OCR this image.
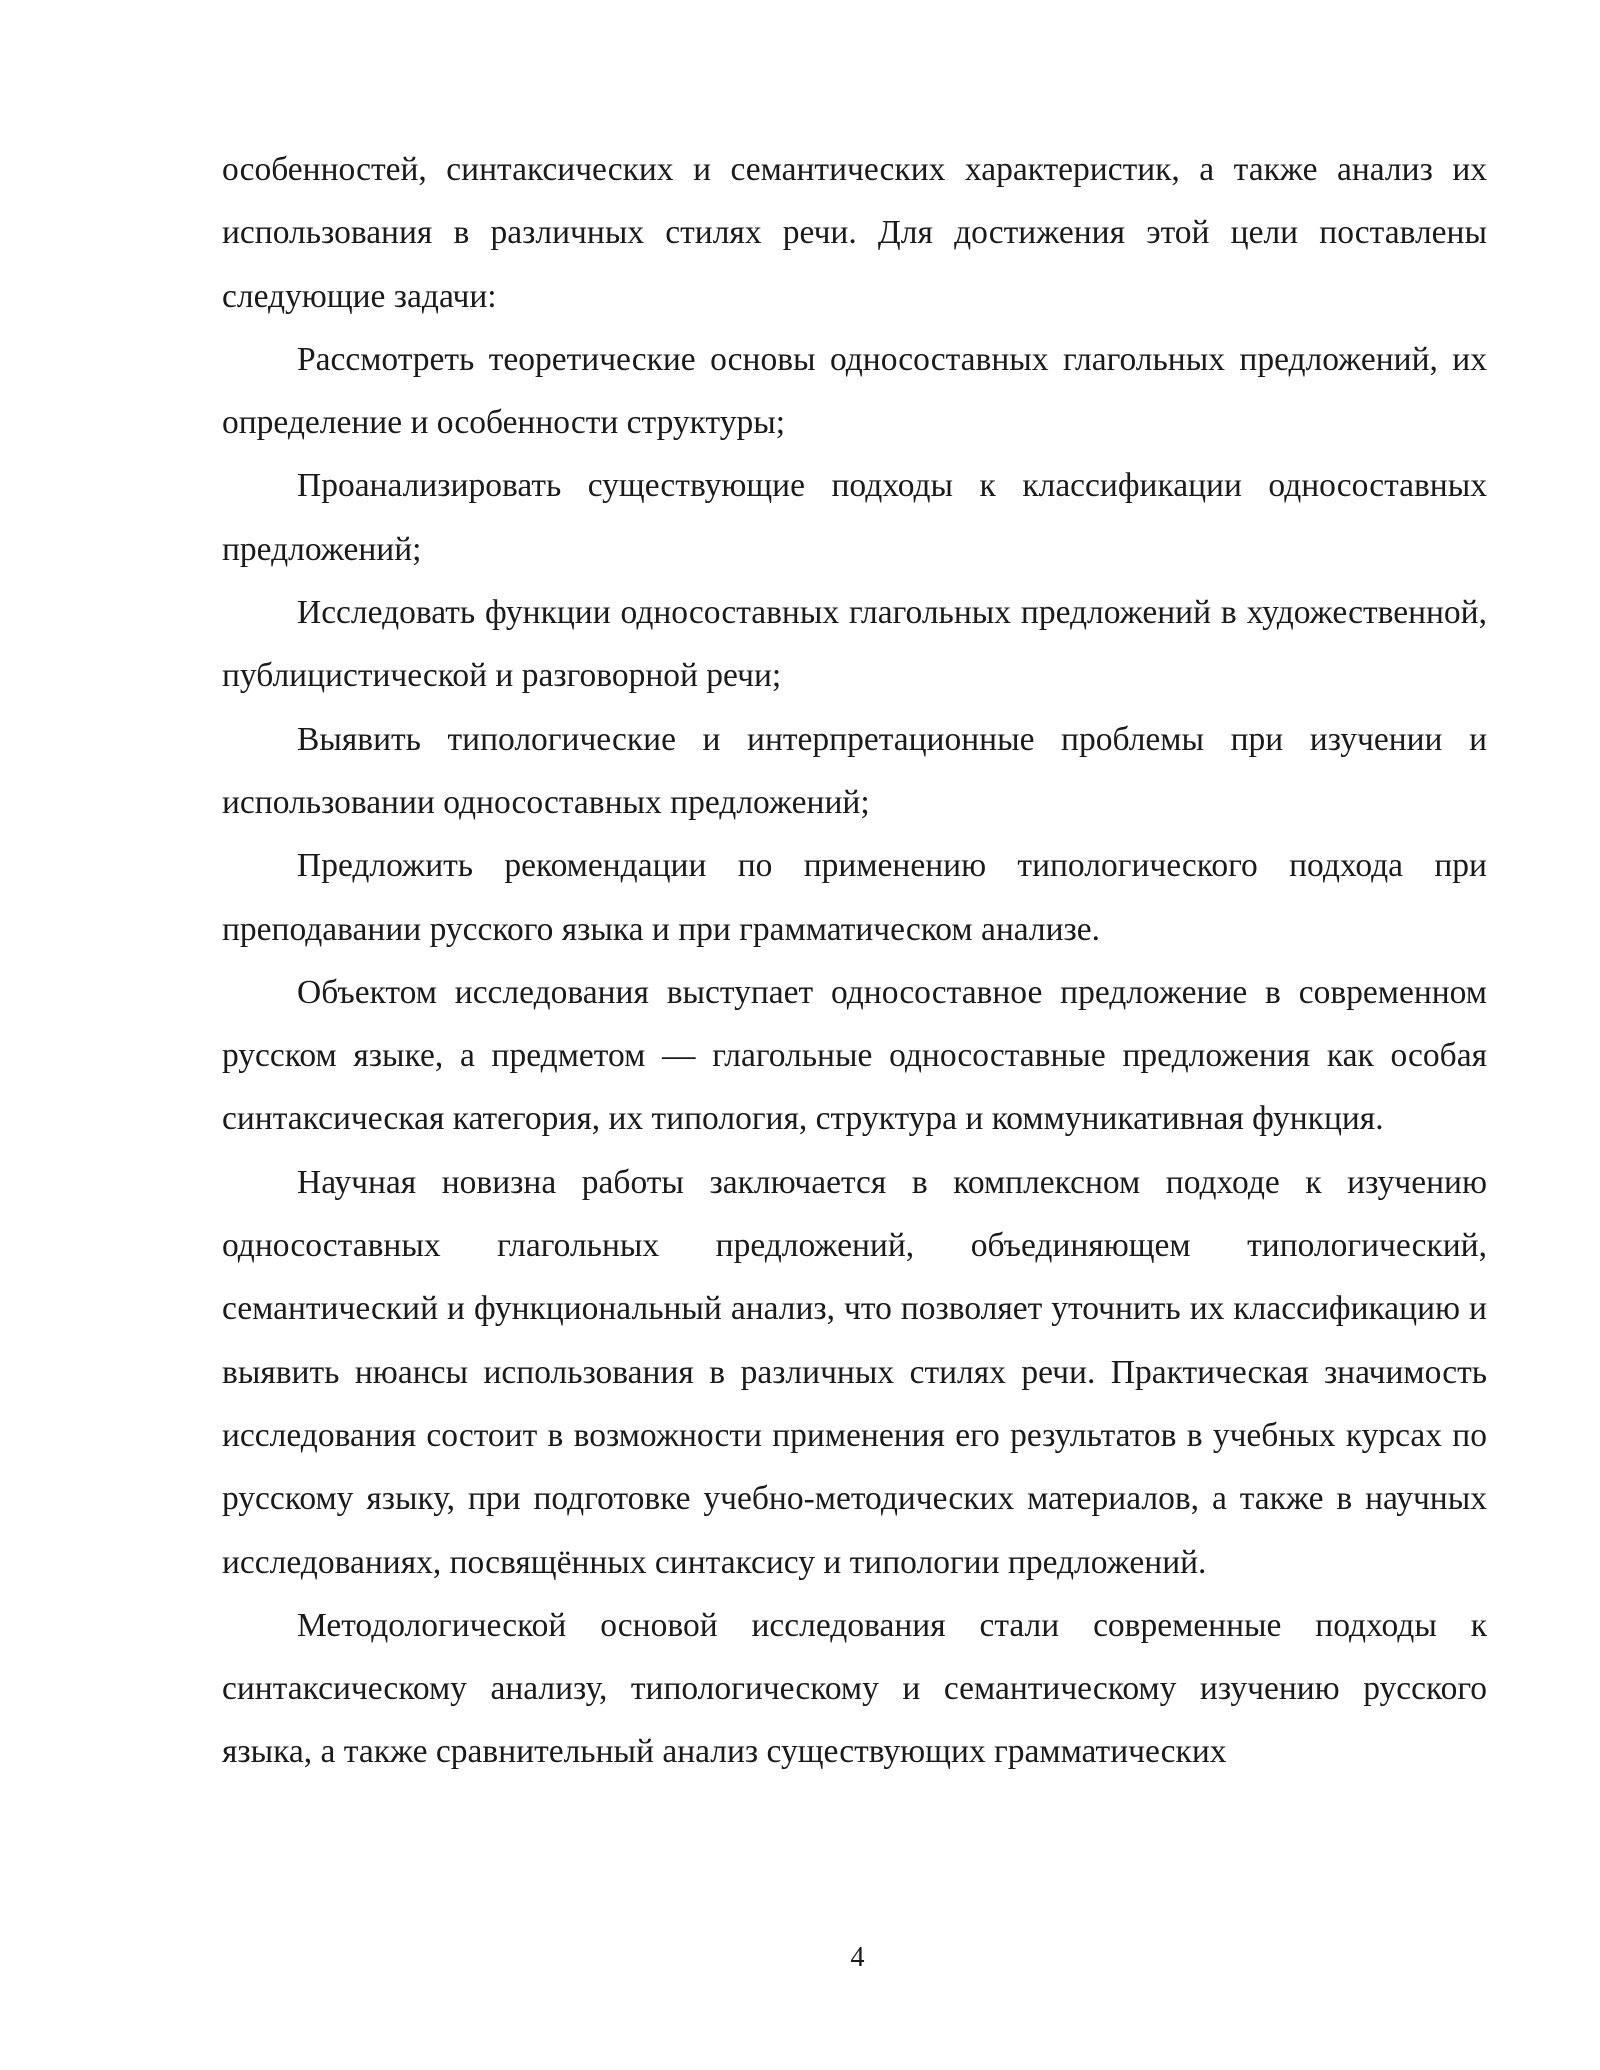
особенностей, синтаксических и семантических характеристик, а также анализ их использования в различных стилях речи. Для достижения этой цели поставлены следующие задачи:

Рассмотреть теоретические основы односоставных глагольных предложений, их определение и особенности структуры;

Проанализировать существующие подходы к классификации односоставных предложений;

Исследовать функции односоставных глагольных предложений в художественной, публицистической и разговорной речи;

Выявить типологические и интерпретационные проблемы при изучении и использовании односоставных предложений;

Предложить рекомендации по применению типологического подхода при преподавании русского языка и при грамматическом анализе.

Объектом исследования выступает односоставное предложение в современном русском языке, а предметом — глагольные односоставные предложения как особая синтаксическая категория, их типология, структура и коммуникативная функция.

Научная новизна работы заключается в комплексном подходе к изучению односоставных глагольных предложений, объединяющем типологический, семантический и функциональный анализ, что позволяет уточнить их классификацию и выявить нюансы использования в различных стилях речи. Практическая значимость исследования состоит в возможности применения его результатов в учебных курсах по русскому языку, при подготовке учебно-методических материалов, а также в научных исследованиях, посвящённых синтаксису и типологии предложений.

Методологической основой исследования стали современные подходы к синтаксическому анализу, типологическому и семантическому изучению русского языка, а также сравнительный анализ существующих грамматических

4
